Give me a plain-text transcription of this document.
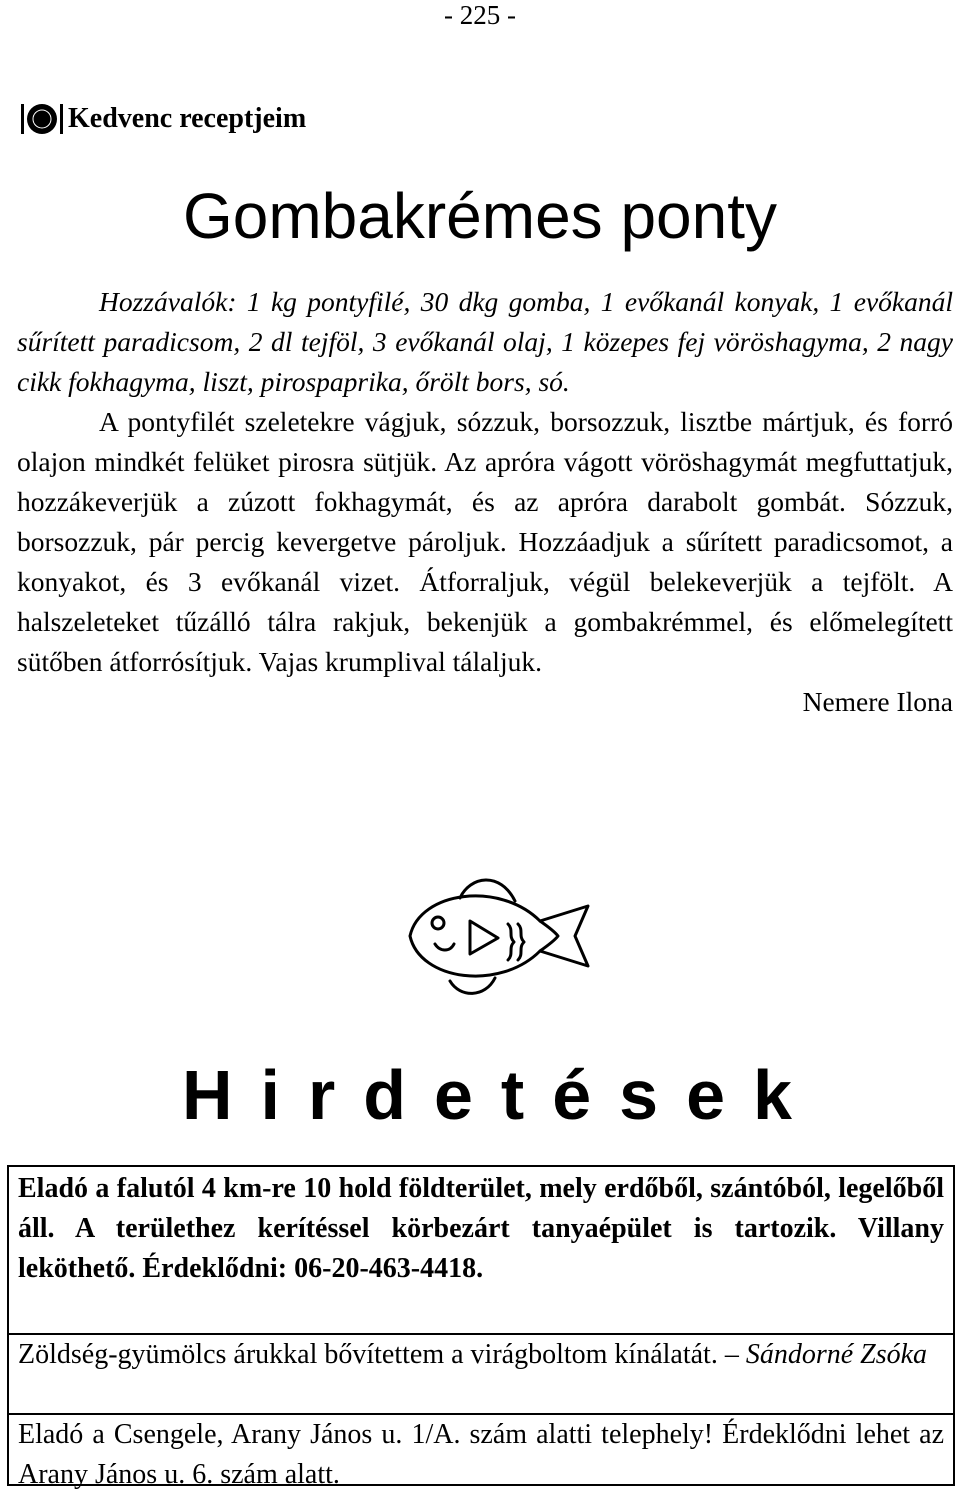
- 225 -
Kedvenc receptjeim
Gombakrémes ponty

Hozzávalók: 1 kg pontyfilé, 30 dkg gomba, 1 evőkanál konyak, 1 evőkanál sűrített paradicsom, 2 dl tejföl, 3 evőkanál olaj, 1 közepes fej vöröshagyma, 2 nagy cikk fokhagyma, liszt, pirospaprika, őrölt bors, só.

A pontyfilét szeletekre vágjuk, sózzuk, borsozzuk, lisztbe mártjuk, és forró olajon mindkét felüket pirosra sütjük. Az apróra vágott vöröshagymát megfuttatjuk, hozzákeverjük a zúzott fokhagymát, és az apróra darabolt gombát. Sózzuk, borsozzuk, pár percig kevergetve pároljuk. Hozzáadjuk a sűrített paradicsomot, a konyakot, és 3 evőkanál vizet. Átforraljuk, végül belekeverjük a tejfölt. A halszeleteket tűzálló tálra rakjuk, bekenjük a gombakrémmel, és előmelegített sütőben átforrósítjuk. Vajas krumplival tálaljuk.

Nemere Ilona

Hirdetések
Eladó a falutól 4 km-re 10 hold földterület, mely erdőből, szántóból, legelőből áll. A területhez kerítéssel körbezárt tanyaépület is tartozik. Villany leköthető. Érdeklődni: 06-20-463-4418.
Zöldség-gyümölcs árukkal bővítettem a virágboltom kínálatát. – Sándorné Zsóka
Eladó a Csengele, Arany János u. 1/A. szám alatti telephely! Érdeklődni lehet az Arany János u. 6. szám alatt.
